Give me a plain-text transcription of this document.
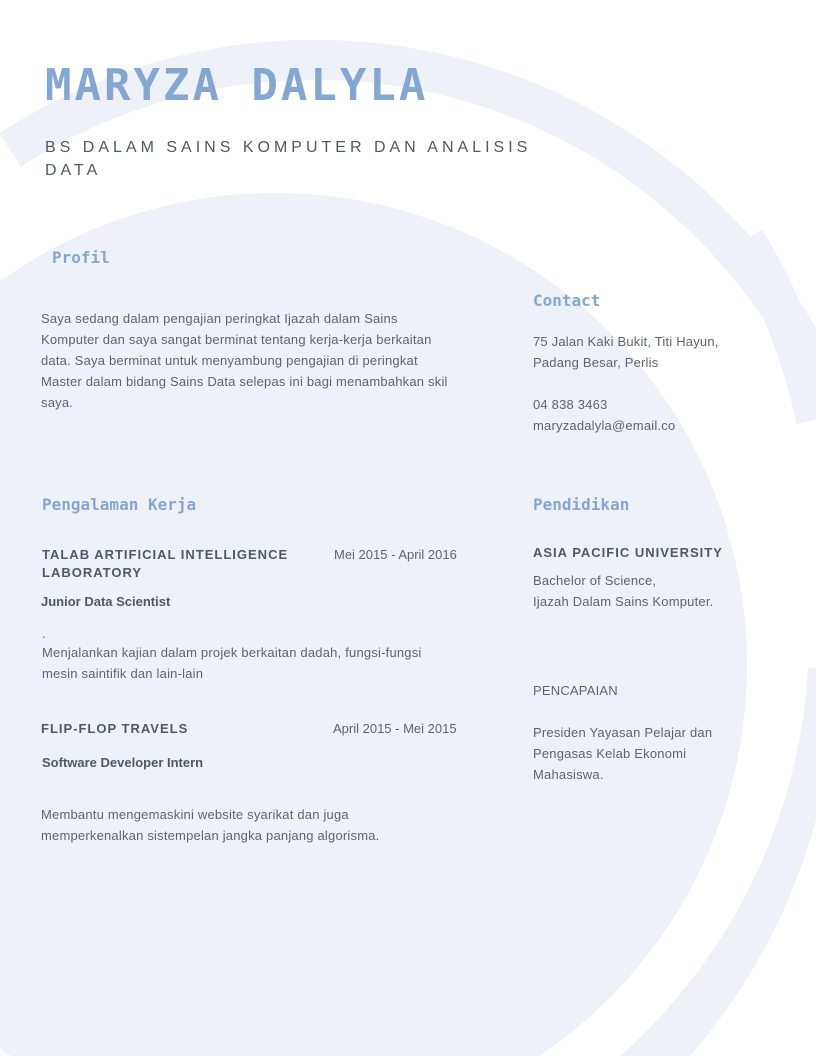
MARYZA DALYLA
BS DALAM SAINS KOMPUTER DAN ANALISIS DATA
Profil
Saya sedang dalam pengajian peringkat Ijazah dalam Sains Komputer dan saya sangat berminat tentang kerja-kerja berkaitan data. Saya berminat untuk menyambung pengajian di peringkat Master dalam bidang Sains Data selepas ini bagi menambahkan skil saya.
Contact
75 Jalan Kaki Bukit, Titi Hayun,
Padang Besar, Perlis
04 838 3463
maryzadalyla@email.co
Pengalaman Kerja
TALAB ARTIFICIAL INTELLIGENCE LABORATORY
Mei 2015 - April 2016
Junior Data Scientist
.
Menjalankan kajian dalam projek berkaitan dadah, fungsi-fungsi mesin saintifik dan lain-lain
FLIP-FLOP TRAVELS	April 2015 - Mei 2015
Software Developer Intern
Membantu mengemaskini website syarikat dan juga memperkenalkan sistempelan jangka panjang algorisma.
Pendidikan
ASIA PACIFIC UNIVERSITY
Bachelor of Science,
Ijazah Dalam Sains Komputer.
PENCAPAIAN
Presiden Yayasan Pelajar dan Pengasas Kelab Ekonomi Mahasiswa.
